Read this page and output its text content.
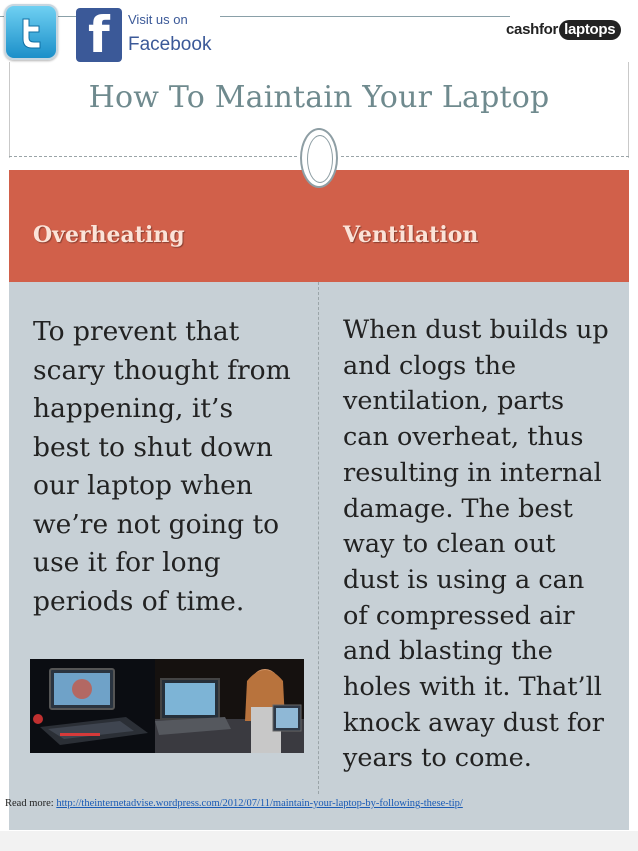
f Visit us on
Facebook
cashfor laptops
How To Maintain Your Laptop
Overheating	Ventilation
To prevent that scary thought from happening, it’s best to shut down our laptop when we’re not going to use it for long periods of time.
When dust builds up and clogs the ventilation, parts can overheat, thus resulting in internal damage. The best way to clean out dust is using a can of compressed air and blasting the holes with it. That’ll knock away dust for years to come.
Read more: http://theinternetadvise.wordpress.com/2012/07/11/maintain-your-laptop-by-following-these-tip/
